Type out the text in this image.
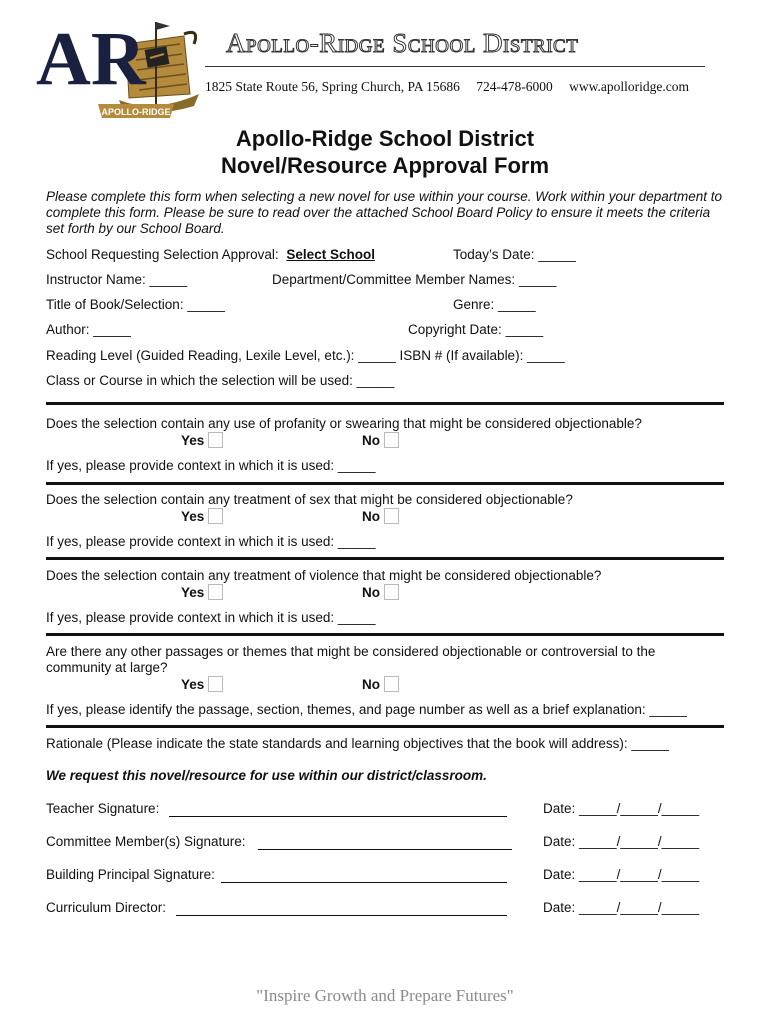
AR
APOLLO-RIDGE
Apollo-Ridge School District
1825 State Route 56, Spring Church, PA 15686 724-478-6000 www.apolloridge.com
Apollo-Ridge School District
Novel/Resource Approval Form
Please complete this form when selecting a new novel for use within your course. Work within your department to complete this form. Please be sure to read over the attached School Board Policy to ensure it meets the criteria set forth by our School Board.
School Requesting Selection Approval: Select School	Today’s Date: _____
Instructor Name: _____	Department/Committee Member Names: _____
Title of Book/Selection: _____	Genre: _____
Author: _____	Copyright Date: _____
Reading Level (Guided Reading, Lexile Level, etc.): _____ ISBN # (If available): _____
Class or Course in which the selection will be used: _____
Does the selection contain any use of profanity or swearing that might be considered objectionable?
Yes	No
If yes, please provide context in which it is used: _____
Does the selection contain any treatment of sex that might be considered objectionable?
Yes	No
If yes, please provide context in which it is used: _____
Does the selection contain any treatment of violence that might be considered objectionable?
Yes	No
If yes, please provide context in which it is used: _____
Are there any other passages or themes that might be considered objectionable or controversial to the
community at large?
Yes	No
If yes, please identify the passage, section, themes, and page number as well as a brief explanation: _____
Rationale (Please indicate the state standards and learning objectives that the book will address): _____
We request this novel/resource for use within our district/classroom.
Teacher Signature:	Date: _____/_____/_____
Committee Member(s) Signature:	Date: _____/_____/_____
Building Principal Signature:	Date: _____/_____/_____
Curriculum Director:	Date: _____/_____/_____
"Inspire Growth and Prepare Futures"
